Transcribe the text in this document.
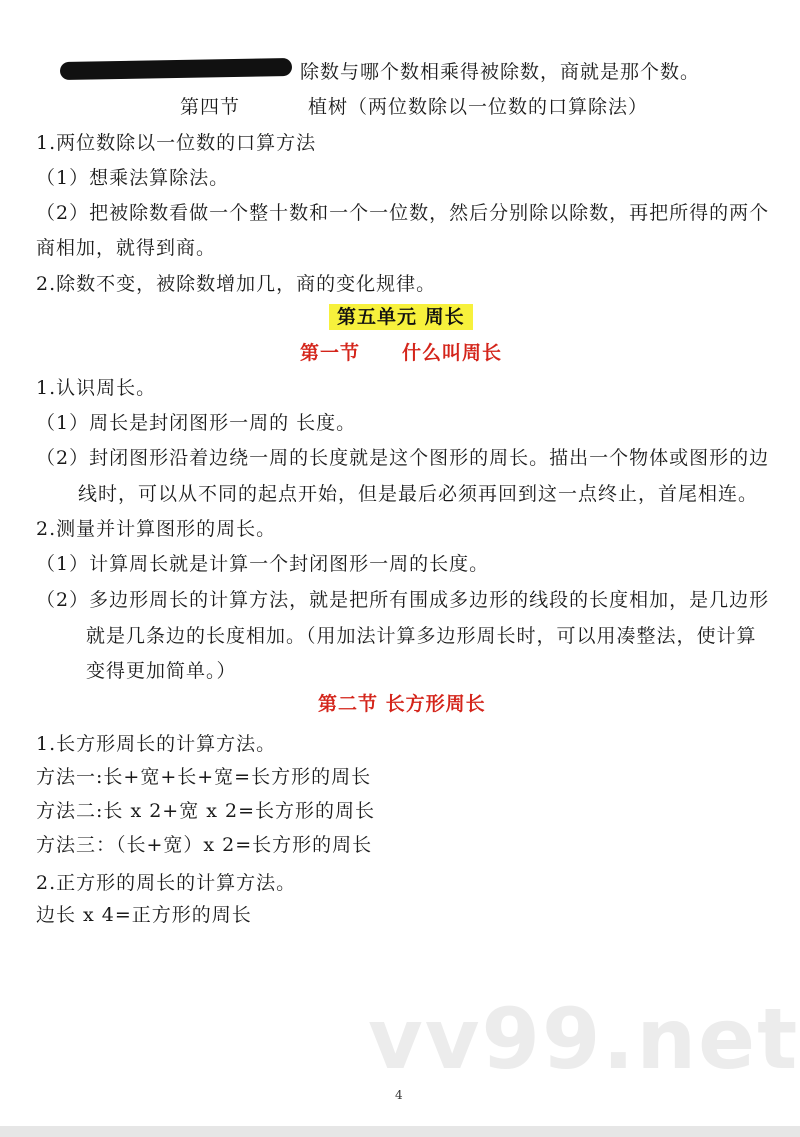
除数与哪个数相乘得被除数，商就是那个数。
第四节	植树（两位数除以一位数的口算除法）
1.两位数除以一位数的口算方法
（1）想乘法算除法。
（2）把被除数看做一个整十数和一个一位数，然后分别除以除数，再把所得的两个
商相加，就得到商。
2.除数不变，被除数增加几，商的变化规律。
第五单元 周长
第一节 什么叫周长
1.认识周长。
（1）周长是封闭图形一周的 长度。
（2）封闭图形沿着边绕一周的长度就是这个图形的周长。描出一个物体或图形的边
线时，可以从不同的起点开始，但是最后必须再回到这一点终止，首尾相连。
2.测量并计算图形的周长。
（1）计算周长就是计算一个封闭图形一周的长度。
（2）多边形周长的计算方法，就是把所有围成多边形的线段的长度相加，是几边形
就是几条边的长度相加。（用加法计算多边形周长时，可以用凑整法，使计算
变得更加简单。）
第二节 长方形周长
1.长方形周长的计算方法。
方法一:长+宽+长+宽=长方形的周长
方法二:长 x 2+宽 x 2=长方形的周长
方法三：（长+宽）x 2=长方形的周长
2.正方形的周长的计算方法。
边长 x 4=正方形的周长
vv99.net
4
